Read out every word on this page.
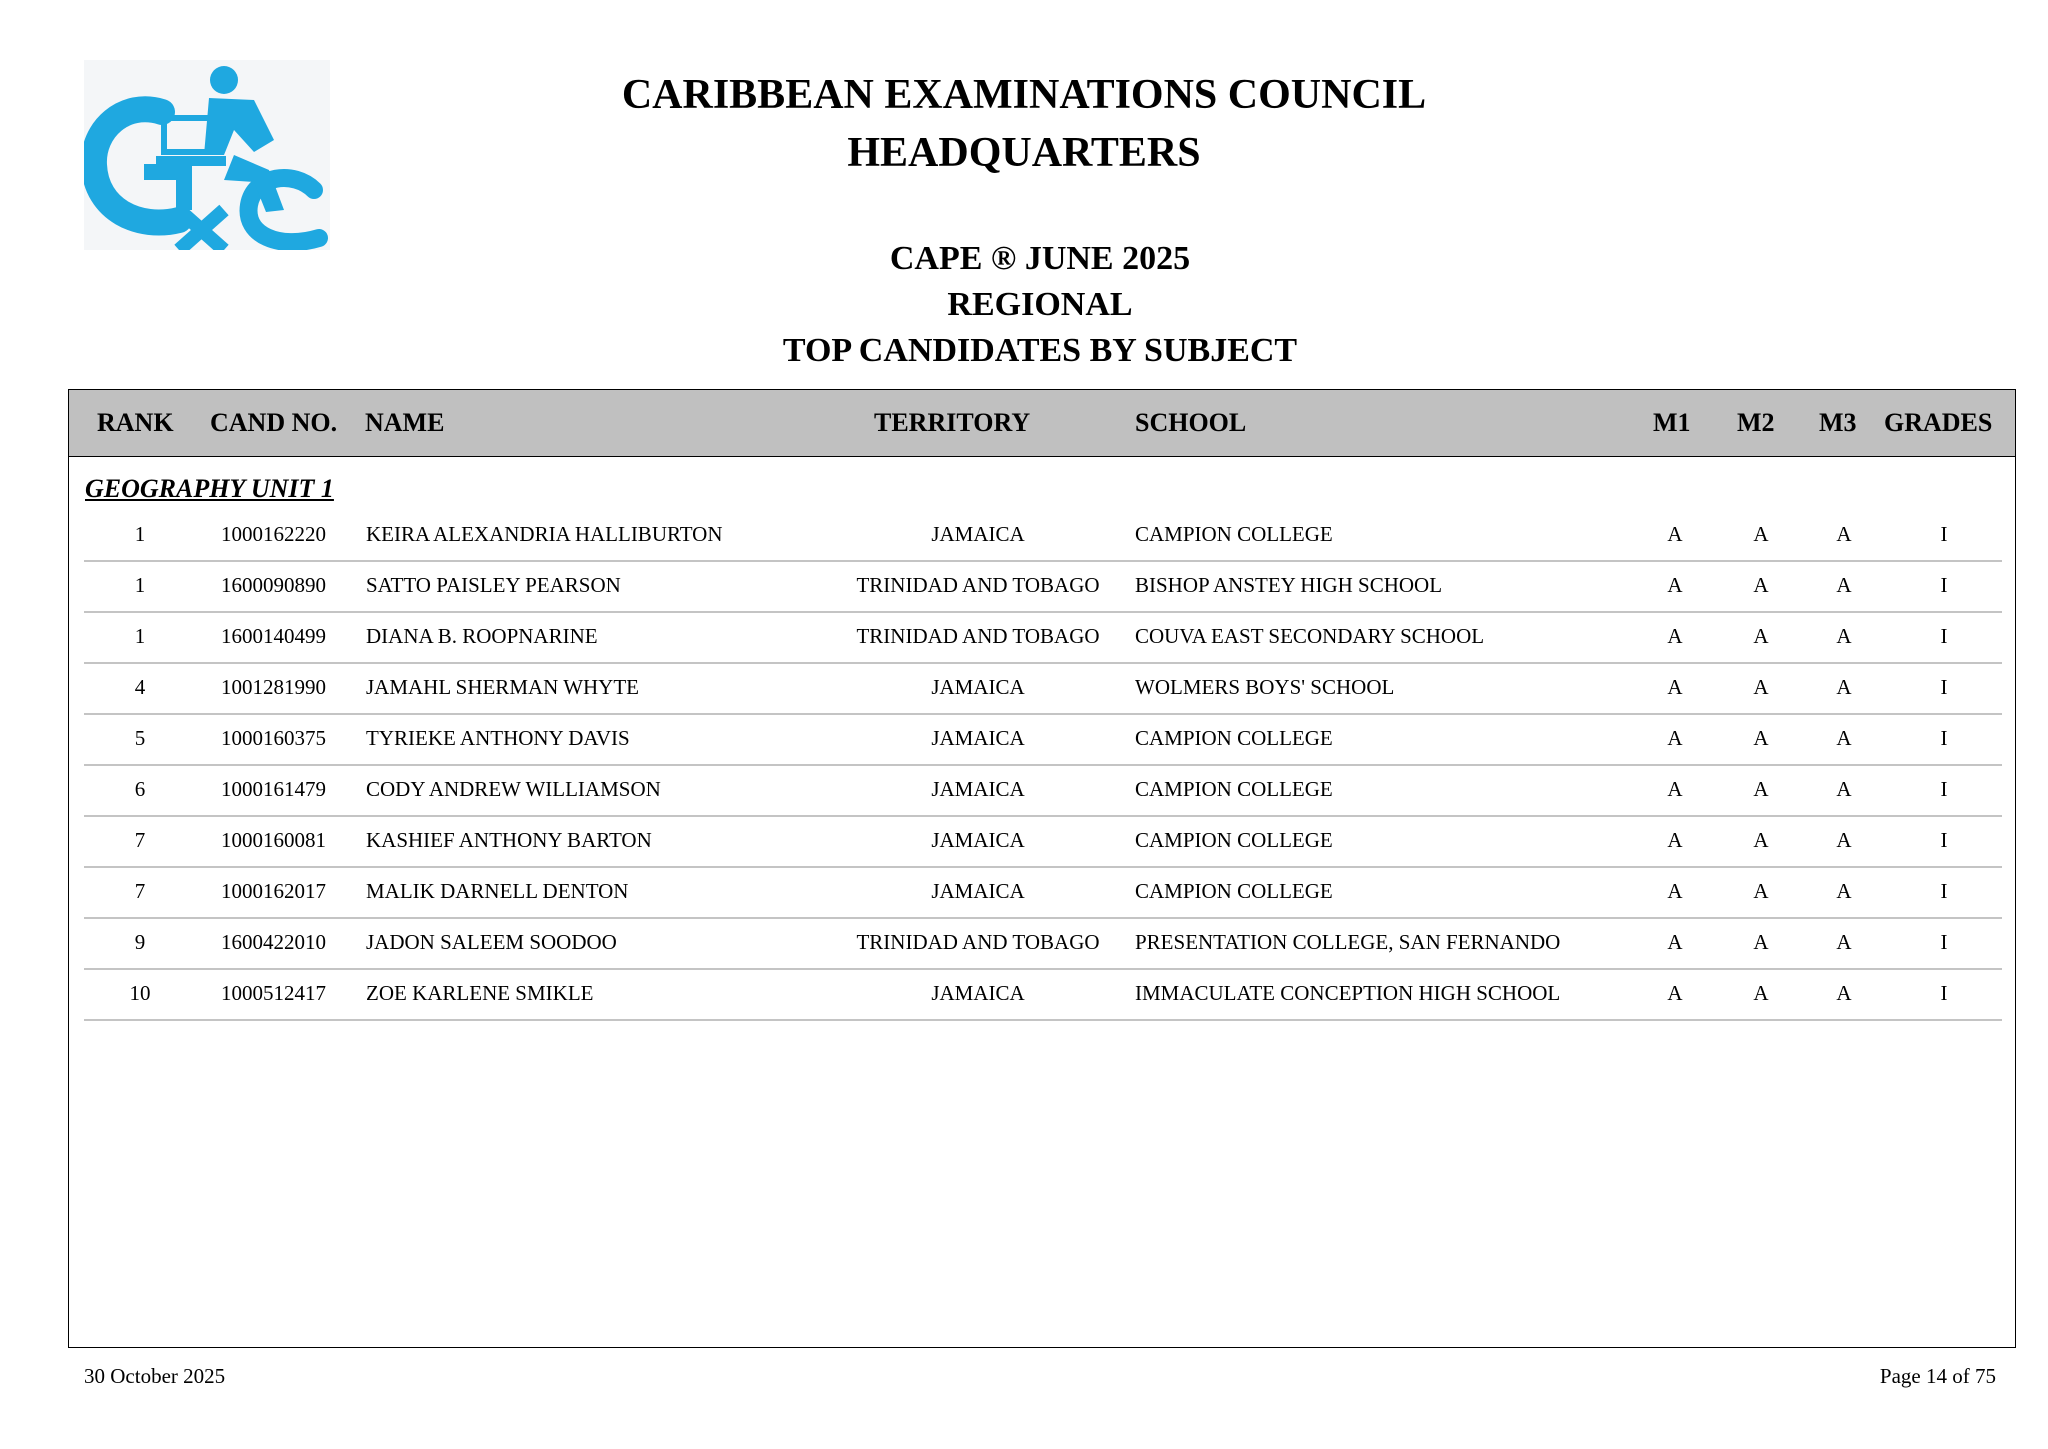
CARIBBEAN EXAMINATIONS COUNCIL
HEADQUARTERS
CAPE ® JUNE 2025
REGIONAL
TOP CANDIDATES BY SUBJECT
RANK CAND NO. NAME	TERRITORY	SCHOOL	M1 M2 M3 GRADES
GEOGRAPHY UNIT 1
1	1000162220 KEIRA ALEXANDRIA HALLIBURTON	JAMAICA	CAMPION COLLEGE	A	A	A	I
1	1600090890 SATTO PAISLEY PEARSON	TRINIDAD AND TOBAGO	BISHOP ANSTEY HIGH SCHOOL	A	A	A	I
1	1600140499 DIANA B. ROOPNARINE	TRINIDAD AND TOBAGO	COUVA EAST SECONDARY SCHOOL	A	A	A	I
4	1001281990 JAMAHL SHERMAN WHYTE	JAMAICA	WOLMERS BOYS' SCHOOL	A	A	A	I
5	1000160375 TYRIEKE ANTHONY DAVIS	JAMAICA	CAMPION COLLEGE	A	A	A	I
6	1000161479 CODY ANDREW WILLIAMSON	JAMAICA	CAMPION COLLEGE	A	A	A	I
7	1000160081 KASHIEF ANTHONY BARTON	JAMAICA	CAMPION COLLEGE	A	A	A	I
7	1000162017 MALIK DARNELL DENTON	JAMAICA	CAMPION COLLEGE	A	A	A	I
9	1600422010 JADON SALEEM SOODOO	TRINIDAD AND TOBAGO	PRESENTATION COLLEGE, SAN FERNANDO	A	A	A	I
10	1000512417 ZOE KARLENE SMIKLE	JAMAICA	IMMACULATE CONCEPTION HIGH SCHOOL	A	A	A	I
30 October 2025	Page 14 of 75
